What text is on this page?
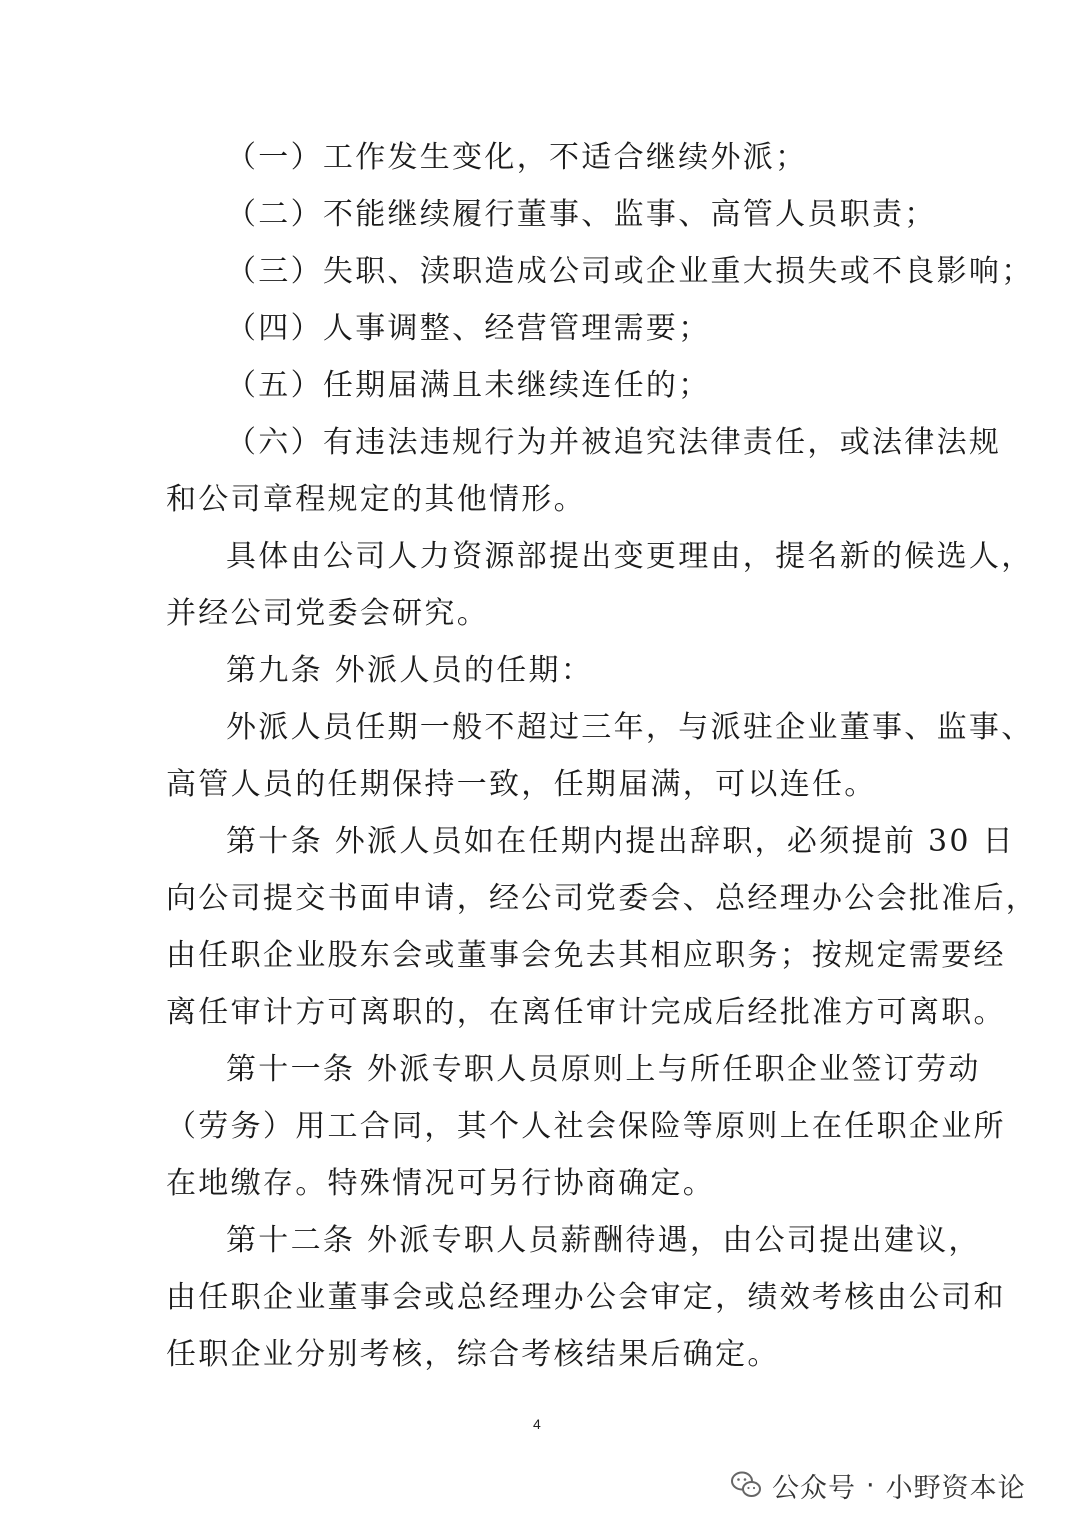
（一）工作发生变化，不适合继续外派；
（二）不能继续履行董事、监事、高管人员职责；
（三）失职、渎职造成公司或企业重大损失或不良影响；
（四）人事调整、经营管理需要；
（五）任期届满且未继续连任的；
（六）有违法违规行为并被追究法律责任，或法律法规
和公司章程规定的其他情形。
具体由公司人力资源部提出变更理由，提名新的候选人，
并经公司党委会研究。
第九条 外派人员的任期：
外派人员任期一般不超过三年，与派驻企业董事、监事、
高管人员的任期保持一致，任期届满，可以连任。
第十条 外派人员如在任期内提出辞职，必须提前 30 日
向公司提交书面申请，经公司党委会、总经理办公会批准后，
由任职企业股东会或董事会免去其相应职务；按规定需要经
离任审计方可离职的，在离任审计完成后经批准方可离职。
第十一条 外派专职人员原则上与所任职企业签订劳动
（劳务）用工合同，其个人社会保险等原则上在任职企业所
在地缴存。特殊情况可另行协商确定。
第十二条 外派专职人员薪酬待遇，由公司提出建议，
由任职企业董事会或总经理办公会审定，绩效考核由公司和
任职企业分别考核，综合考核结果后确定。
4
公众号 · 小野资本论
